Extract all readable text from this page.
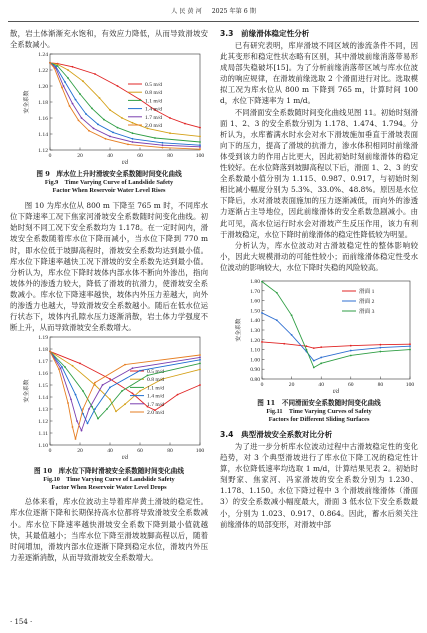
人 民 黄 河 2025 年第 6 期

散，岩土体渐渐充水饱和，有效应力降低，从而导致滑坡安全系数减小。

1.12
1.14
1.16
1.18
1.20
1.22
1.24
0	20	40	60	80	100
t/d
安全系数
0.5 m/d
0.8 m/d
1.1 m/d
1.4 m/d
1.7 m/d
2.0 m/d
图 9　库水位上升时滑坡安全系数随时间变化曲线
Fig.9　Time Varying Curve of Landslide Safety
Factor When Reservoir Water Level Rises

图 10 为库水位从 800 m 下降至 765 m 时，不同库水位下降速率工况下焦家河滑坡安全系数随时间变化曲线。初始时刻不同工况下安全系数均为 1.178。在一定时间内，滑坡安全系数随着库水位下降而减小，当水位下降到 770 m 时，即水位低于坡脚高程时，滑坡安全系数均达到最小值。库水位下降速率越快工况下滑坡的安全系数先达到最小值。分析认为，库水位下降时坡体内部水体不断向外渗出，指向坡体外的渗透力较大，降低了滑坡的抗滑力，使滑坡安全系数减小。库水位下降速率越快，坡体内外压力差越大，向外的渗透力也越大，导致滑坡安全系数越小。随后在低水位运行状态下，坡体内孔隙水压力逐渐消散，岩土体力学强度不断上升，从而导致滑坡安全系数增大。

1.10
1.11
1.12
1.13
1.14
1.15
1.16
1.17
1.18
1.19
0	20	40	60	80	100
t/d
安全系数
0.5 m/d
0.8 m/d
1.1 m/d
1.4 m/d
1.7 m/d
2.0 m/d
图 10　库水位下降时滑坡安全系数随时间变化曲线
Fig.10　Time Varying Curve of Landslide Safety
Factor When Reservoir Water Level Drops

总体来看，库水位波动主导着库岸黄土滑坡的稳定性。库水位逐渐下降和长期保持高水位都将导致滑坡安全系数减小。库水位下降速率越快滑坡安全系数下降到最小值就越快，其最值越小；当库水位下降至滑坡坡脚高程以后，随着时间增加，滑坡内部水位逐渐下降到稳定水位，滑坡内外压力差逐渐消散，从而导致滑坡安全系数增大。

3.3　前缘滑体稳定性分析

已有研究表明，库岸滑坡不同区域的渗流条件不同，因此其变形和稳定性状态略有区别，其中滑坡前缘消落带易形成局部失稳破坏[15]。为了分析前缘消落带区域与库水位波动的响应规律，在滑坡前缘选取 2 个滑面进行对比。选取模拟工况为库水位从 800 m 下降到 765 m，计算时间 100 d，水位下降速率为 1 m/d。

不同滑面安全系数随时间变化曲线见图 11。初始时刻滑面 1、2、3 的安全系数分别为 1.178、1.474、1.794。分析认为，水库蓄满水时水会对水下滑坡施加垂直于滑坡表面向下的压力，提高了滑坡的抗滑力，渗水体积相同时前缘滑体受到该力的作用占比更大，因此初始时刻前缘滑体的稳定性较好。在水位降落到坡脚高程以下后，滑面 1、2、3 的安全系数最小值分别为 1.115、0.987、0.917，与初始时刻相比减小幅度分别为 5.3%、33.0%、48.8%。原因是水位下降后，水对滑坡表面施加的压力逐渐减低，而向外的渗透力逐渐占主导地位，因此前缘滑体的安全系数急剧减小。由此可见，高水位运行时水会对滑坡产生反压作用，该力有利于滑坡稳定，水位下降时前缘滑体的稳定性降低较为明显。

分析认为，库水位波动对古滑坡稳定性的整体影响较小，因此大规模滑动的可能性较小；而前缘滑体稳定性受水位波动的影响较大，水位下降时失稳的风险较高。

0.80
0.90
1.00
1.10
1.20
1.30
1.40
1.50
1.60
1.70
1.80
0	20	40	60	80	100
t/d
安全系数
滑面 1
滑面 2
滑面 3
图 11　不同滑面安全系数随时间变化曲线
Fig.11　Time Varying Curves of Safety
Factors for Different Sliding Surfaces
3.4　典型滑坡安全系数对比分析

为了进一步分析库水位波动过程中古滑坡稳定性的变化趋势，对 3 个典型滑坡进行了库水位下降工况的稳定性计算，水位降低速率均选取 1 m/d，计算结果见表 2。初始时刻野家、焦家河、冯家滑坡的安全系数分别为 1.230、1.178、1.150。水位下降过程中 3 个滑坡前缘滑体（滑面 3）的安全系数减小幅度最大，滑面 3 低水位下安全系数最小，分别为 1.023、0.917、0.864。因此，蓄水后须关注前缘滑体的局部变形，对滑坡中部

· 154 ·
